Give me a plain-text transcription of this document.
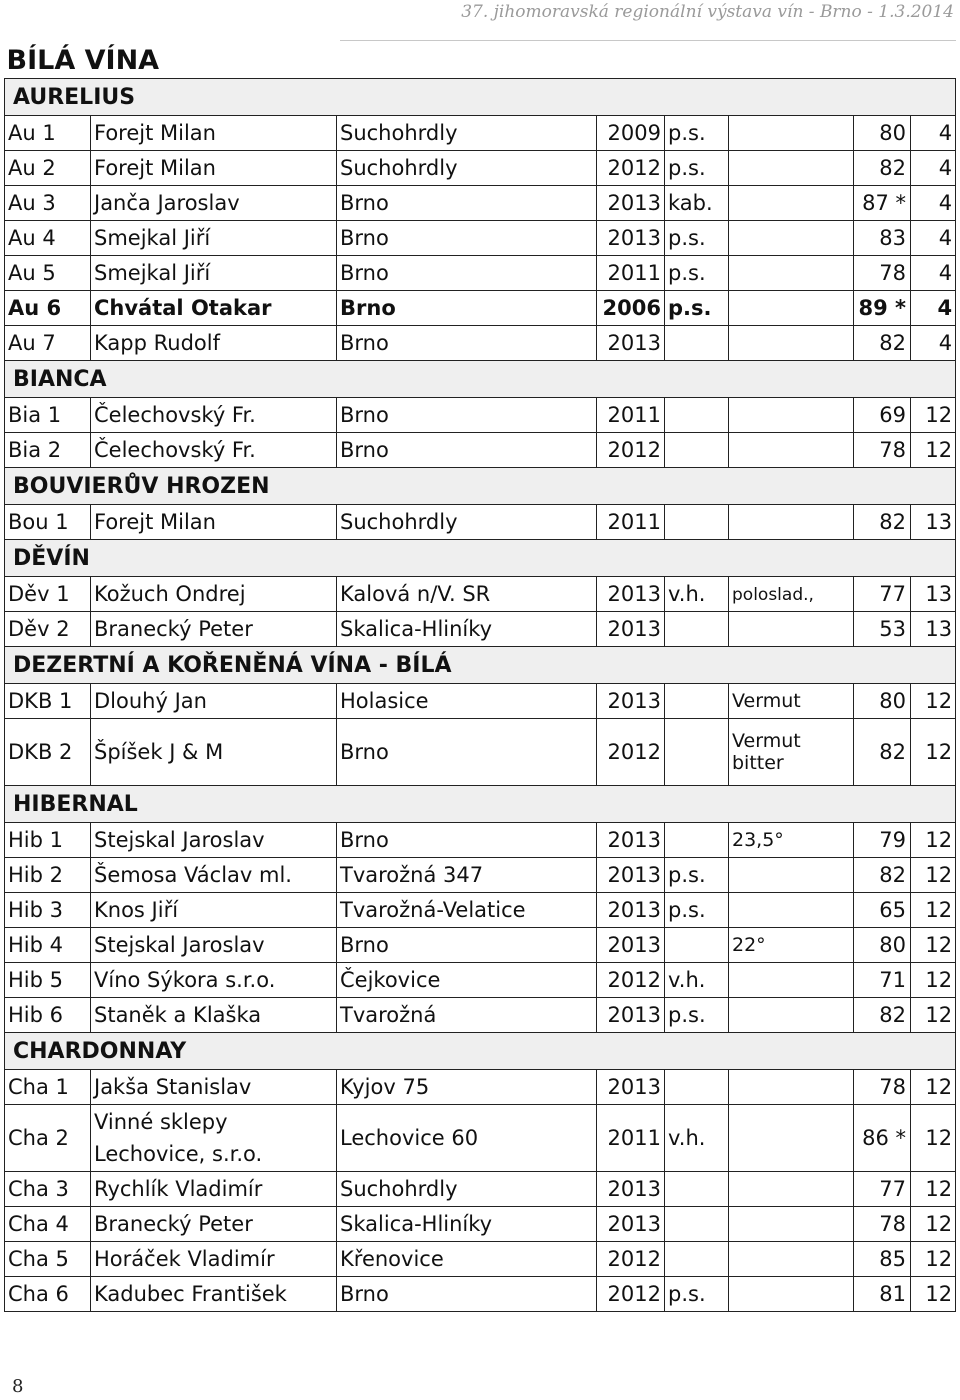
37. jihomoravská regionální výstava vín - Brno - 1.3.2014
BÍLÁ VÍNA							
AURELIUS							
Au 1	Forejt Milan	Suchohrdly	2009	p.s.		80	4
Au 2	Forejt Milan	Suchohrdly	2012	p.s.		82	4
Au 3	Janča Jaroslav	Brno	2013	kab.		87 *	4
Au 4	Smejkal Jiří	Brno	2013	p.s.		83	4
Au 5	Smejkal Jiří	Brno	2011	p.s.		78	4
Au 6	Chvátal Otakar	Brno	2006	p.s.		89 *	4
Au 7	Kapp Rudolf	Brno	2013			82	4
BIANCA							
Bia 1	Čelechovský Fr.	Brno	2011			69	12
Bia 2	Čelechovský Fr.	Brno	2012			78	12
BOUVIERŮV HROZEN							
Bou 1	Forejt Milan	Suchohrdly	2011			82	13
DĚVÍN							
Děv 1	Kožuch Ondrej	Kalová n/V. SR	2013	v.h.	poloslad.,	77	13
Děv 2	Branecký Peter	Skalica-Hliníky	2013			53	13
DEZERTNÍ A KOŘENĚNÁ VÍNA - BÍLÁ							
DKB 1	Dlouhý Jan	Holasice	2013		Vermut	80	12
DKB 2	Špíšek J & M	Brno	2012		Vermut bitter	82	12
HIBERNAL							
Hib 1	Stejskal Jaroslav	Brno	2013		23,5°	79	12
Hib 2	Šemosa Václav ml.	Tvarožná 347	2013	p.s.		82	12
Hib 3	Knos Jiří	Tvarožná-Velatice	2013	p.s.		65	12
Hib 4	Stejskal Jaroslav	Brno	2013		22°	80	12
Hib 5	Víno Sýkora s.r.o.	Čejkovice	2012	v.h.		71	12
Hib 6	Staněk a Klaška	Tvarožná	2013	p.s.		82	12
CHARDONNAY							
Cha 1	Jakša Stanislav	Kyjov 75	2013			78	12
Cha 2	Vinné sklepy Lechovice, s.r.o.	Lechovice 60	2011	v.h.		86 *	12
Cha 3	Rychlík Vladimír	Suchohrdly	2013			77	12
Cha 4	Branecký Peter	Skalica-Hliníky	2013			78	12
Cha 5	Horáček Vladimír	Křenovice	2012			85	12
Cha 6	Kadubec František	Brno	2012	p.s.		81	12
8
